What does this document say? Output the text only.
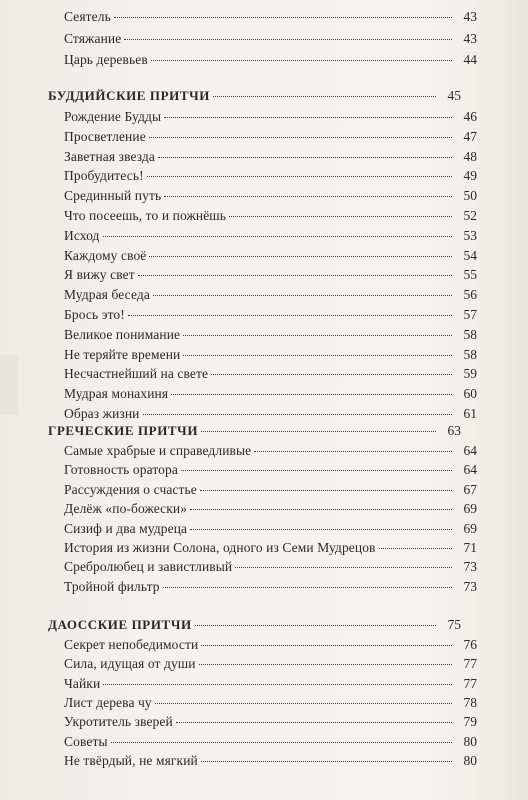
Сеятель	43
Стяжание	43
Царь деревьев	44
БУДДИЙСКИЕ ПРИТЧИ	45
Рождение Будды	46
Просветление	47
Заветная звезда	48
Пробудитесь!	49
Срединный путь	50
Что посеешь, то и пожнёшь	52
Исход	53
Каждому своё	54
Я вижу свет	55
Мудрая беседа	56
Брось это!	57
Великое понимание	58
Не теряйте времени	58
Несчастнейший на свете	59
Мудрая монахиня	60
Образ жизни	61
ГРЕЧЕСКИЕ ПРИТЧИ	63
Самые храбрые и справедливые	64
Готовность оратора	64
Рассуждения о счастье	67
Делёж «по-божески»	69
Сизиф и два мудреца	69
История из жизни Солона, одного из Семи Мудрецов	71
Сребролюбец и завистливый	73
Тройной фильтр	73
ДАОССКИЕ ПРИТЧИ	75
Секрет непобедимости	76
Сила, идущая от души	77
Чайки	77
Лист дерева чу	78
Укротитель зверей	79
Советы	80
Не твёрдый, не мягкий	80
